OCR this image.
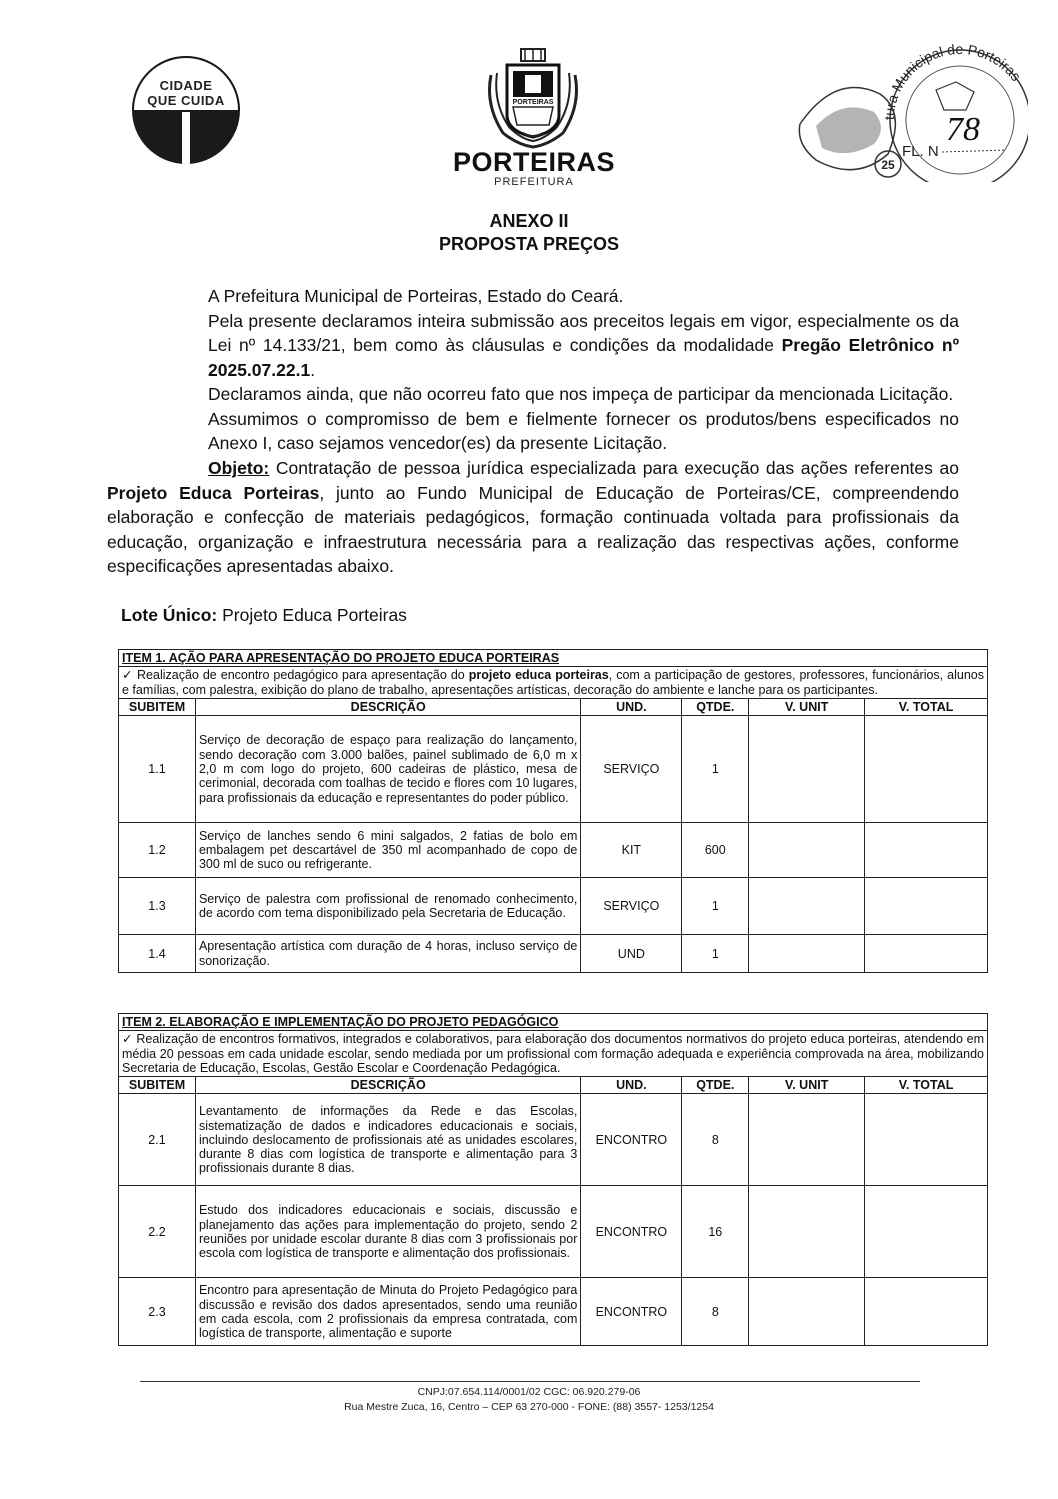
CIDADE
QUE CUIDA	PORTEIRAS
PORTEIRAS
PREFEITURA
tura Municipal de Porteiras
25
FL. N
78
ANEXO II
PROPOSTA PREÇOS
A Prefeitura Municipal de Porteiras, Estado do Ceará.
Pela presente declaramos inteira submissão aos preceitos legais em vigor, especialmente os da Lei nº 14.133/21, bem como às cláusulas e condições da modalidade Pregão Eletrônico nº 2025.07.22.1.
Declaramos ainda, que não ocorreu fato que nos impeça de participar da mencionada Licitação.
Assumimos o compromisso de bem e fielmente fornecer os produtos/bens especificados no Anexo I, caso sejamos vencedor(es) da presente Licitação.
Objeto: Contratação de pessoa jurídica especializada para execução das ações referentes ao Projeto Educa Porteiras, junto ao Fundo Municipal de Educação de Porteiras/CE, compreendendo elaboração e confecção de materiais pedagógicos, formação continuada voltada para profissionais da educação, organização e infraestrutura necessária para a realização das respectivas ações, conforme especificações apresentadas abaixo.
Lote Único: Projeto Educa Porteiras
ITEM 1. AÇÃO PARA APRESENTAÇÃO DO PROJETO EDUCA PORTEIRAS					
✓ Realização de encontro pedagógico para apresentação do projeto educa porteiras, com a participação de gestores, professores, funcionários, alunos e famílias, com palestra, exibição do plano de trabalho, apresentações artísticas, decoração do ambiente e lanche para os participantes.					
SUBITEM	DESCRIÇÃO	UND.	QTDE.	V. UNIT	V. TOTAL
1.1	Serviço de decoração de espaço para realização do lançamento, sendo decoração com 3.000 balões, painel sublimado de 6,0 m x 2,0 m com logo do projeto, 600 cadeiras de plástico, mesa de cerimonial, decorada com toalhas de tecido e flores com 10 lugares, para profissionais da educação e representantes do poder público.	SERVIÇO	1		
1.2	Serviço de lanches sendo 6 mini salgados, 2 fatias de bolo em embalagem pet descartável de 350 ml acompanhado de copo de 300 ml de suco ou refrigerante.	KIT	600		
1.3	Serviço de palestra com profissional de renomado conhecimento, de acordo com tema disponibilizado pela Secretaria de Educação.	SERVIÇO	1		
1.4	Apresentação artística com duração de 4 horas, incluso serviço de sonorização.	UND	1		
ITEM 2. ELABORAÇÃO E IMPLEMENTAÇÃO DO PROJETO PEDAGÓGICO					
✓ Realização de encontros formativos, integrados e colaborativos, para elaboração dos documentos normativos do projeto educa porteiras, atendendo em média 20 pessoas em cada unidade escolar, sendo mediada por um profissional com formação adequada e experiência comprovada na área, mobilizando Secretaria de Educação, Escolas, Gestão Escolar e Coordenação Pedagógica.					
SUBITEM	DESCRIÇÃO	UND.	QTDE.	V. UNIT	V. TOTAL
2.1	Levantamento de informações da Rede e das Escolas, sistematização de dados e indicadores educacionais e sociais, incluindo deslocamento de profissionais até as unidades escolares, durante 8 dias com logística de transporte e alimentação para 3 profissionais durante 8 dias.	ENCONTRO	8		
2.2	Estudo dos indicadores educacionais e sociais, discussão e planejamento das ações para implementação do projeto, sendo 2 reuniões por unidade escolar durante 8 dias com 3 profissionais por escola com logística de transporte e alimentação dos profissionais.	ENCONTRO	16		
2.3	Encontro para apresentação de Minuta do Projeto Pedagógico para discussão e revisão dos dados apresentados, sendo uma reunião em cada escola, com 2 profissionais da empresa contratada, com logística de transporte, alimentação e suporte	ENCONTRO	8		
CNPJ:07.654.114/0001/02 CGC: 06.920.279-06
Rua Mestre Zuca, 16, Centro – CEP 63 270-000 - FONE: (88) 3557- 1253/1254
